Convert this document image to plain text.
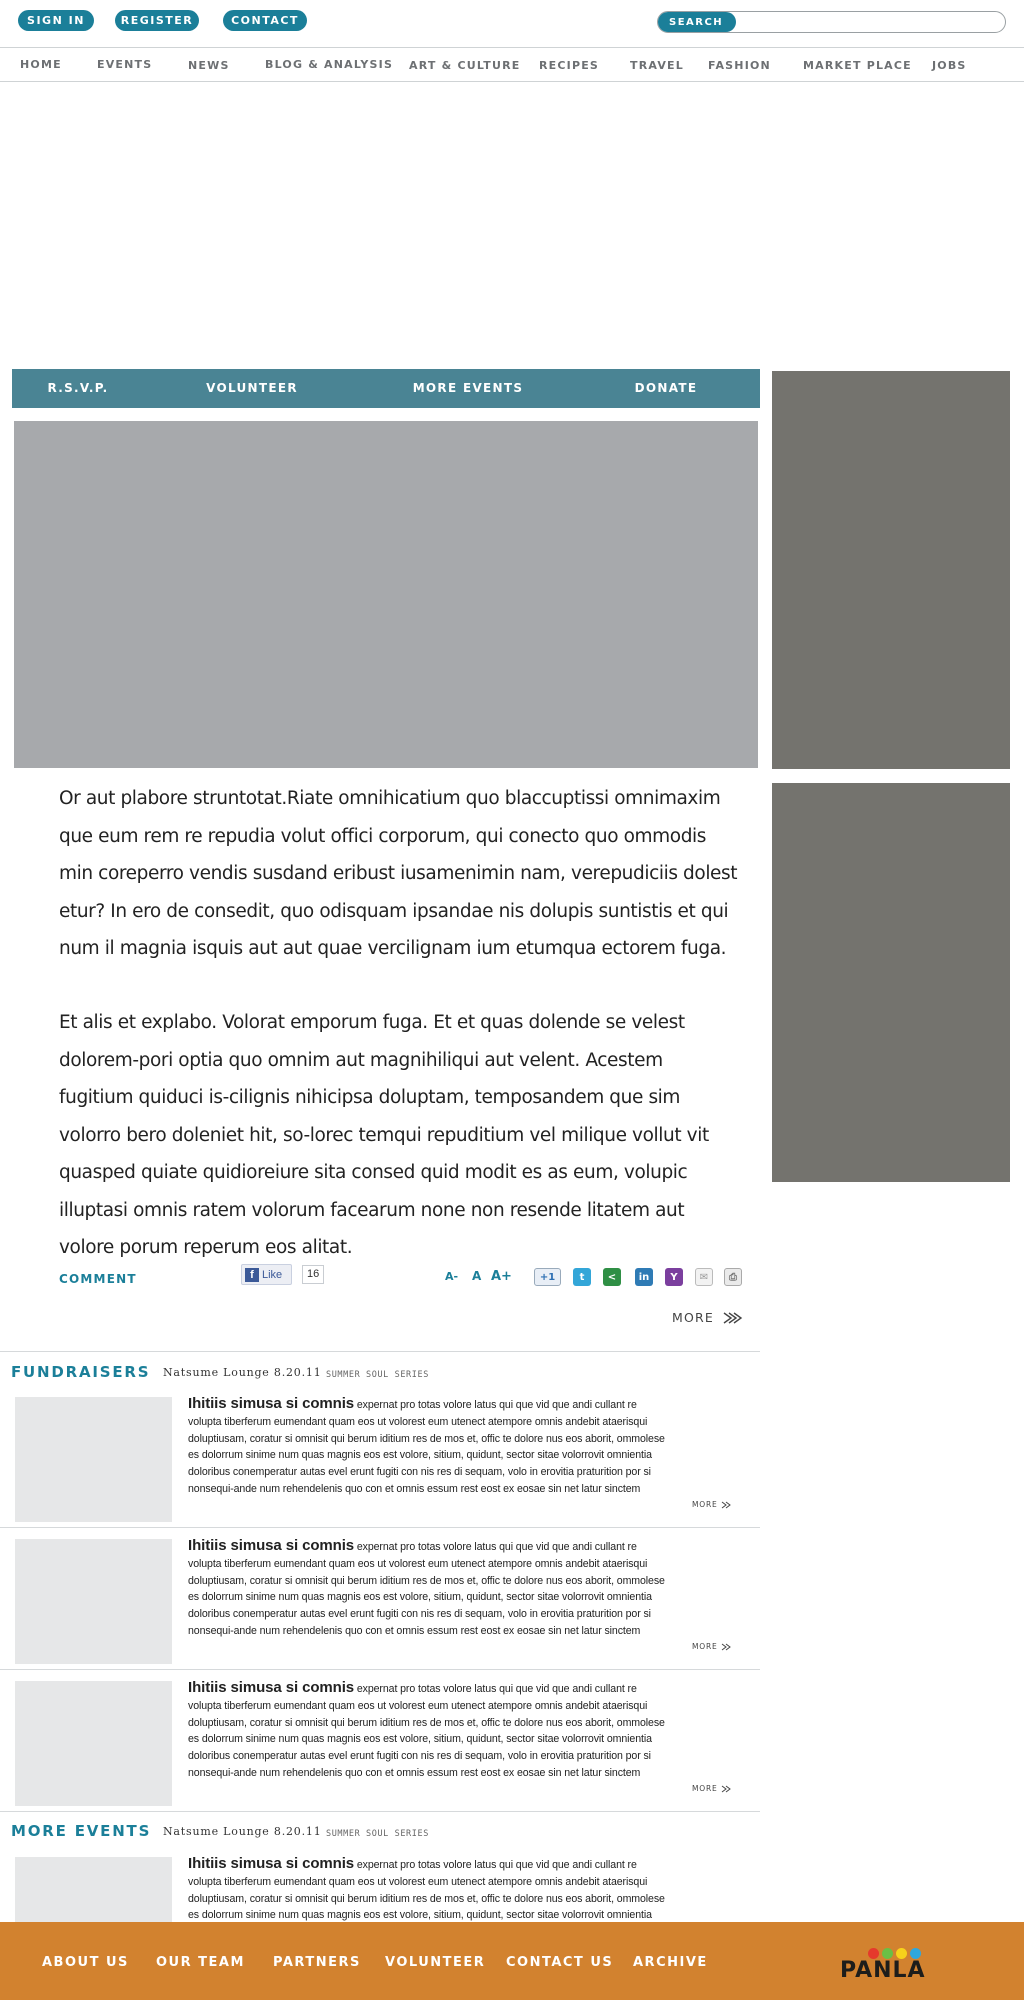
SIGN IN	REGISTER	CONTACT	SEARCH
HOME	EVENTS	NEWS	BLOG & ANALYSIS ART & CULTURE RECIPES	TRAVEL FASHION	MARKET PLACE JOBS
R.S.V.P.	VOLUNTEER	MORE EVENTS	DONATE

Or aut plabore struntotat.Riate omnihicatium quo blaccuptissi omnimaxim que eum rem re repudia volut offici corporum, qui conecto quo ommodis min coreperro vendis susdand eribust iusamenimin nam, verepudiciis dolest etur? In ero de consedit, quo odisquam ipsandae nis dolupis suntistis et qui num il magnia isquis aut aut quae vercilignam ium etumqua ectorem fuga.

Et alis et explabo. Volorat emporum fuga. Et et quas dolende se velest dolorem-pori optia quo omnim aut magnihiliqui aut velent. Acestem fugitium quiduci is-cilignis nihicipsa doluptam, temposandem que sim volorro bero doleniet hit, so-lorec temqui repuditium vel milique vollut vit quasped quiate quidioreiure sita consed quid modit es as eum, volupic illuptasi omnis ratem volorum facearum none non resende litatem aut volore porum reperum eos alitat.

COMMENT	f Like	16	A- A A+	+1	t	<	in	Y	✉	⎙
MORE
FUNDRAISERS Natsume Lounge 8.20.11 SUMMER SOUL SERIES
Ihitiis simusa si comnis expernat pro totas volore latus qui que vid que andi cullant re volupta tiberferum eumendant quam eos ut volorest eum utenect atempore omnis andebit ataerisqui doluptiusam, coratur si omnisit qui berum iditium res de mos et, offic te dolore nus eos aborit, ommolese es dolorrum sinime num quas magnis eos est volore, sitium, quidunt, sector sitae volorrovit omnientia doloribus conemperatur autas evel erunt fugiti con nis res di sequam, volo in erovitia praturition por si nonsequi-ande num rehendelenis quo con et omnis essum rest eost ex eosae sin net latur sinctem
MORE
Ihitiis simusa si comnis expernat pro totas volore latus qui que vid que andi cullant re volupta tiberferum eumendant quam eos ut volorest eum utenect atempore omnis andebit ataerisqui doluptiusam, coratur si omnisit qui berum iditium res de mos et, offic te dolore nus eos aborit, ommolese es dolorrum sinime num quas magnis eos est volore, sitium, quidunt, sector sitae volorrovit omnientia doloribus conemperatur autas evel erunt fugiti con nis res di sequam, volo in erovitia praturition por si nonsequi-ande num rehendelenis quo con et omnis essum rest eost ex eosae sin net latur sinctem
MORE
Ihitiis simusa si comnis expernat pro totas volore latus qui que vid que andi cullant re volupta tiberferum eumendant quam eos ut volorest eum utenect atempore omnis andebit ataerisqui doluptiusam, coratur si omnisit qui berum iditium res de mos et, offic te dolore nus eos aborit, ommolese es dolorrum sinime num quas magnis eos est volore, sitium, quidunt, sector sitae volorrovit omnientia doloribus conemperatur autas evel erunt fugiti con nis res di sequam, volo in erovitia praturition por si nonsequi-ande num rehendelenis quo con et omnis essum rest eost ex eosae sin net latur sinctem
MORE
MORE EVENTS Natsume Lounge 8.20.11 SUMMER SOUL SERIES
Ihitiis simusa si comnis expernat pro totas volore latus qui que vid que andi cullant re volupta tiberferum eumendant quam eos ut volorest eum utenect atempore omnis andebit ataerisqui doluptiusam, coratur si omnisit qui berum iditium res de mos et, offic te dolore nus eos aborit, ommolese es dolorrum sinime num quas magnis eos est volore, sitium, quidunt, sector sitae volorrovit omnientia
ABOUT US OUR TEAM PARTNERS VOLUNTEER CONTACT US ARCHIVE	PANLA
